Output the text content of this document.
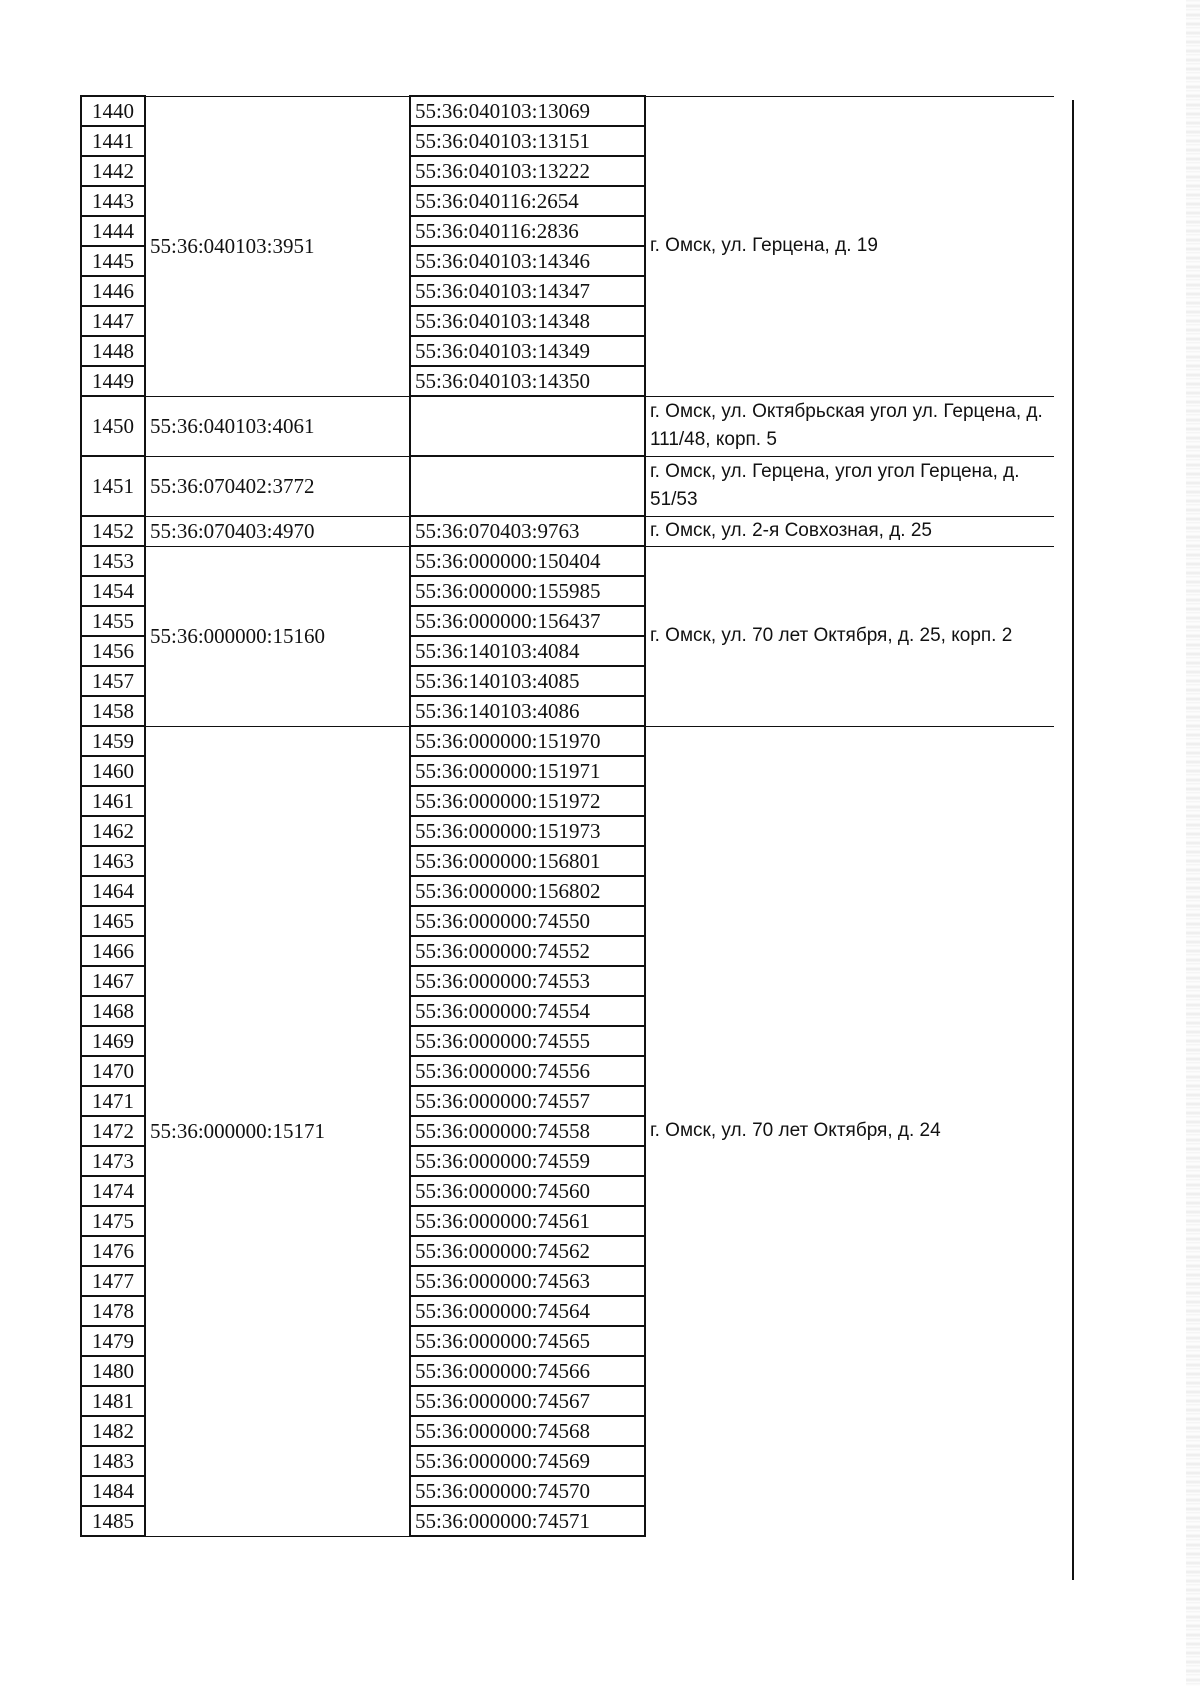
1440	55:36:040103:3951	55:36:040103:13069	г. Омск, ул. Герцена, д. 19
1441		55:36:040103:13151	
1442		55:36:040103:13222	
1443		55:36:040116:2654	
1444		55:36:040116:2836	
1445		55:36:040103:14346	
1446		55:36:040103:14347	
1447		55:36:040103:14348	
1448		55:36:040103:14349	
1449		55:36:040103:14350	
1450	55:36:040103:4061		г. Омск, ул. Октябрьская угол ул. Герцена, д. 111/48, корп. 5
1451	55:36:070402:3772		г. Омск, ул. Герцена, угол угол Герцена, д. 51/53
1452	55:36:070403:4970	55:36:070403:9763	г. Омск, ул. 2-я Совхозная, д. 25
1453	55:36:000000:15160	55:36:000000:150404	г. Омск, ул. 70 лет Октября, д. 25, корп. 2
1454		55:36:000000:155985	
1455		55:36:000000:156437	
1456		55:36:140103:4084	
1457		55:36:140103:4085	
1458		55:36:140103:4086	
1459	55:36:000000:15171	55:36:000000:151970	г. Омск, ул. 70 лет Октября, д. 24
1460		55:36:000000:151971	
1461		55:36:000000:151972	
1462		55:36:000000:151973	
1463		55:36:000000:156801	
1464		55:36:000000:156802	
1465		55:36:000000:74550	
1466		55:36:000000:74552	
1467		55:36:000000:74553	
1468		55:36:000000:74554	
1469		55:36:000000:74555	
1470		55:36:000000:74556	
1471		55:36:000000:74557	
1472		55:36:000000:74558	
1473		55:36:000000:74559	
1474		55:36:000000:74560	
1475		55:36:000000:74561	
1476		55:36:000000:74562	
1477		55:36:000000:74563	
1478		55:36:000000:74564	
1479		55:36:000000:74565	
1480		55:36:000000:74566	
1481		55:36:000000:74567	
1482		55:36:000000:74568	
1483		55:36:000000:74569	
1484		55:36:000000:74570	
1485		55:36:000000:74571	
